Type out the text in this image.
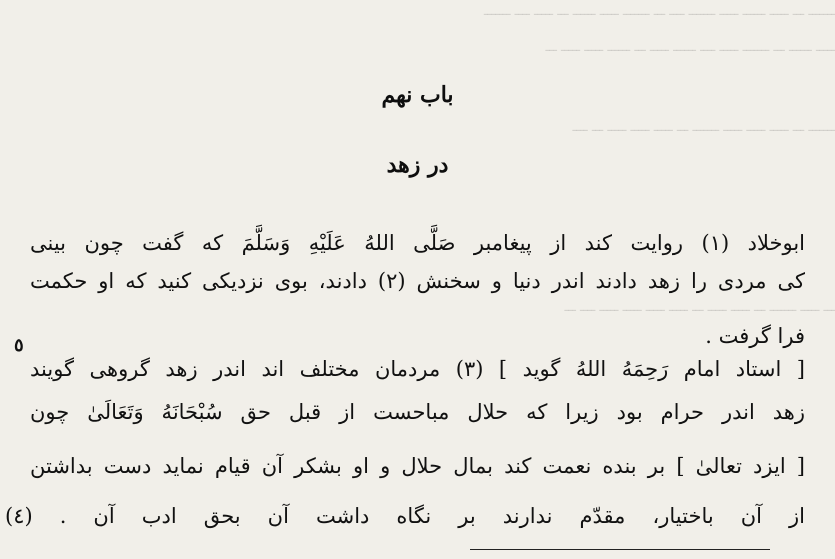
ـــــــ ـــ ـــــ ــــــ ـــــ ـــــــ ــــ ـــ ـــــــ ـــــ ــــــ ـــ ـــــ ــــ ـــــــ
ـــــ ــــــ ـــ ـــــــ ـــــ ــــ ــــــ ـــــ ـــ ــــــ ـــــ ـــــ ـــ
ـــــــ ـــ ـــــ ـــــ ـــــ ـــــــ ـــ ـــــ ـــــ ـــــ ـــ ــــ
ـــ ـــــ ـــــــ ـــ ـــــ ـــــ ـــ ـــــ ـــــ ـــــ ـــــ ــــ ـــ
باب نهم
در زهد
ابوخلاد (١) روایت کند از پیغامبر صَلَّی اللهُ عَلَیْهِ وَسَلَّمَ که گفت چون بینی
کی مردی را زهد دادند اندر دنیا و سخنش (٢) دادند، بوی نزدیکی کنید که او حکمت
فرا گرفت .
٥
[ استاد امام رَحِمَهُ اللهُ گوید ] (٣) مردمان مختلف اند اندر زهد گروهی گویند
زهد اندر حرام بود زیرا که حلال مباحست از قبل حق سُبْحَانَهُ وَتَعَالَىٰ چون
[ ایزد تعالیٰ ] بر بنده نعمت کند بمال حلال و او بشکر آن قیام نماید دست بداشتن
از آن باختیار، مقدّم ندارند بر نگاه داشت آن بحق ادب آن . (٤)
